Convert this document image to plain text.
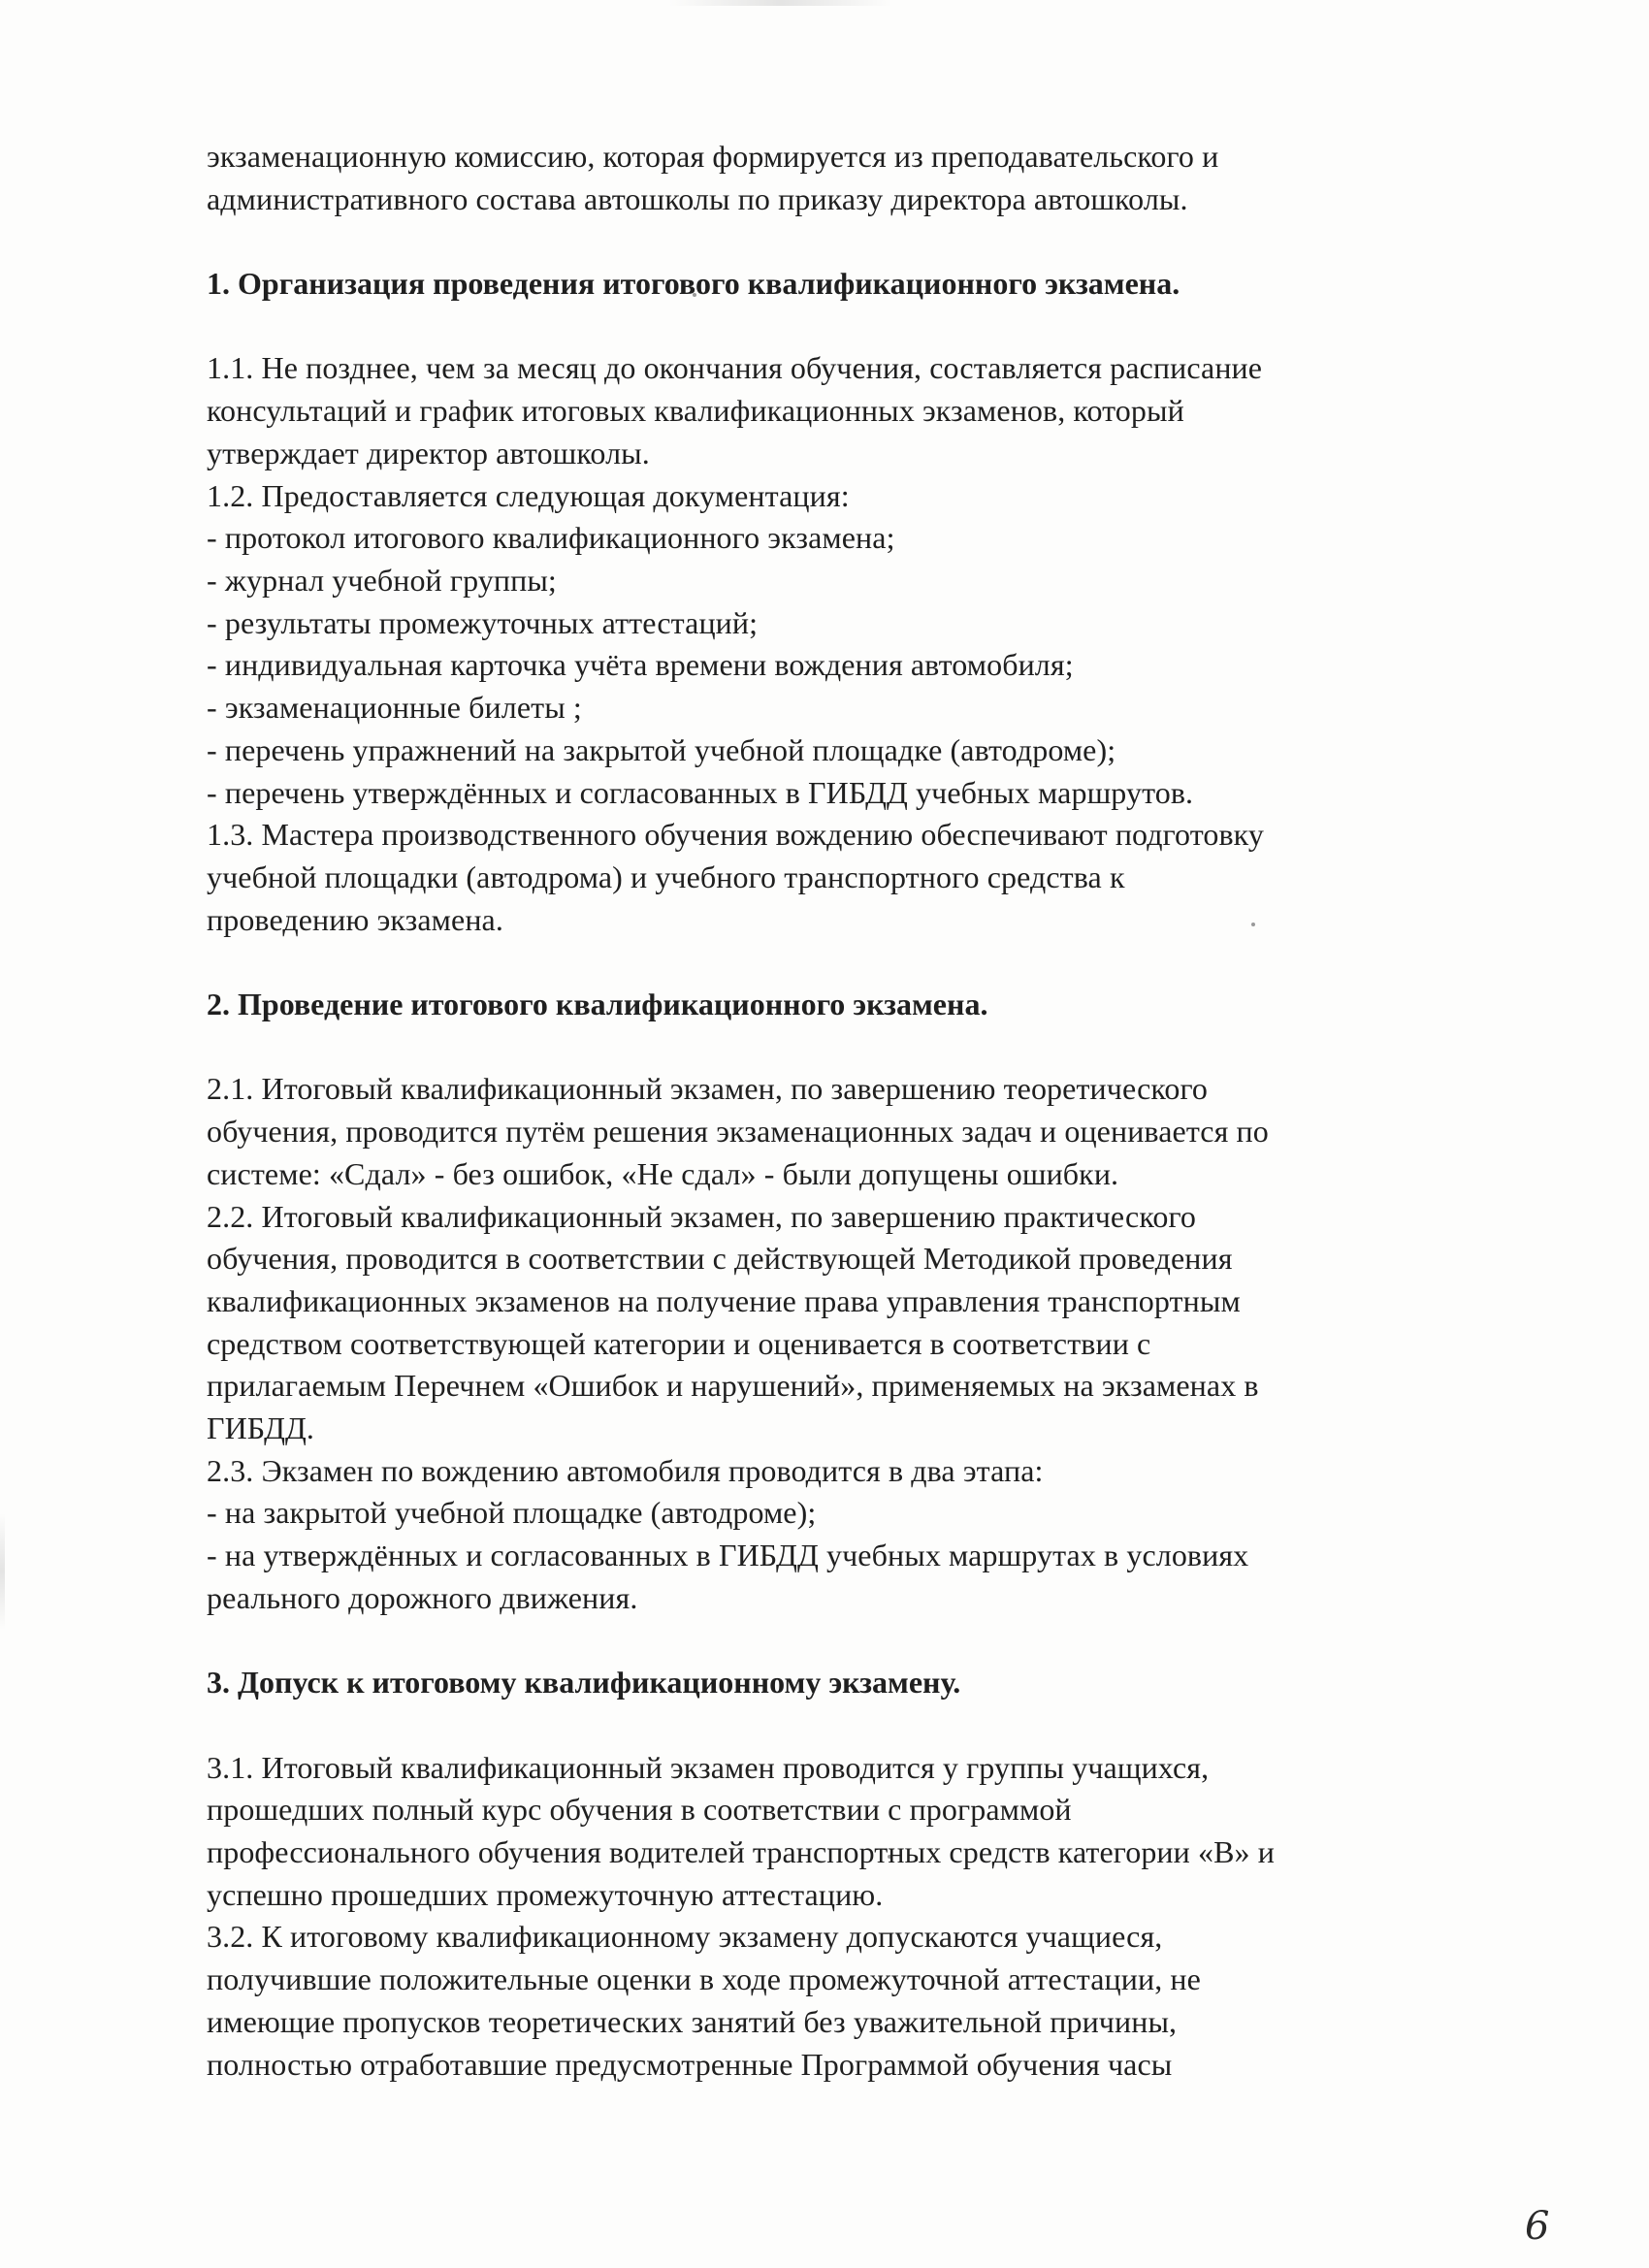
экзаменационную комиссию, которая формируется из преподавательского и

административного состава автошколы по приказу директора автошколы.

1. Организация проведения итогового квалификационного экзамена.

1.1. Не позднее, чем за месяц до окончания обучения, составляется расписание

консультаций и график итоговых квалификационных экзаменов, который

утверждает директор автошколы.

1.2. Предоставляется следующая документация:

- протокол итогового квалификационного экзамена;

- журнал учебной группы;

- результаты промежуточных аттестаций;

- индивидуальная карточка учёта времени вождения автомобиля;

- экзаменационные билеты ;

- перечень упражнений на закрытой учебной площадке (автодроме);

- перечень утверждённых и согласованных в ГИБДД учебных маршрутов.

1.3. Мастера производственного обучения вождению обеспечивают подготовку

учебной площадки (автодрома) и учебного транспортного средства к

проведению экзамена.

2. Проведение итогового квалификационного экзамена.

2.1. Итоговый квалификационный экзамен, по завершению теоретического

обучения, проводится путём решения экзаменационных задач и оценивается по

системе: «Сдал» - без ошибок, «Не сдал» - были допущены ошибки.

2.2. Итоговый квалификационный экзамен, по завершению практического

обучения, проводится в соответствии с действующей Методикой проведения

квалификационных экзаменов на получение права управления транспортным

средством соответствующей категории и оценивается в соответствии с

прилагаемым Перечнем «Ошибок и нарушений», применяемых на экзаменах в

ГИБДД.

2.3. Экзамен по вождению автомобиля проводится в два этапа:

- на закрытой учебной площадке (автодроме);

- на утверждённых и согласованных в ГИБДД учебных маршрутах в условиях

реального дорожного движения.

3. Допуск к итоговому квалификационному экзамену.

3.1. Итоговый квалификационный экзамен проводится у группы учащихся,

прошедших полный курс обучения в соответствии с программой

профессионального обучения водителей транспортных средств категории «В» и

успешно прошедших промежуточную аттестацию.

3.2. К итоговому квалификационному экзамену допускаются учащиеся,

получившие положительные оценки в ходе промежуточной аттестации, не

имеющие пропусков теоретических занятий без уважительной причины,

полностью отработавшие предусмотренные Программой обучения часы

6
